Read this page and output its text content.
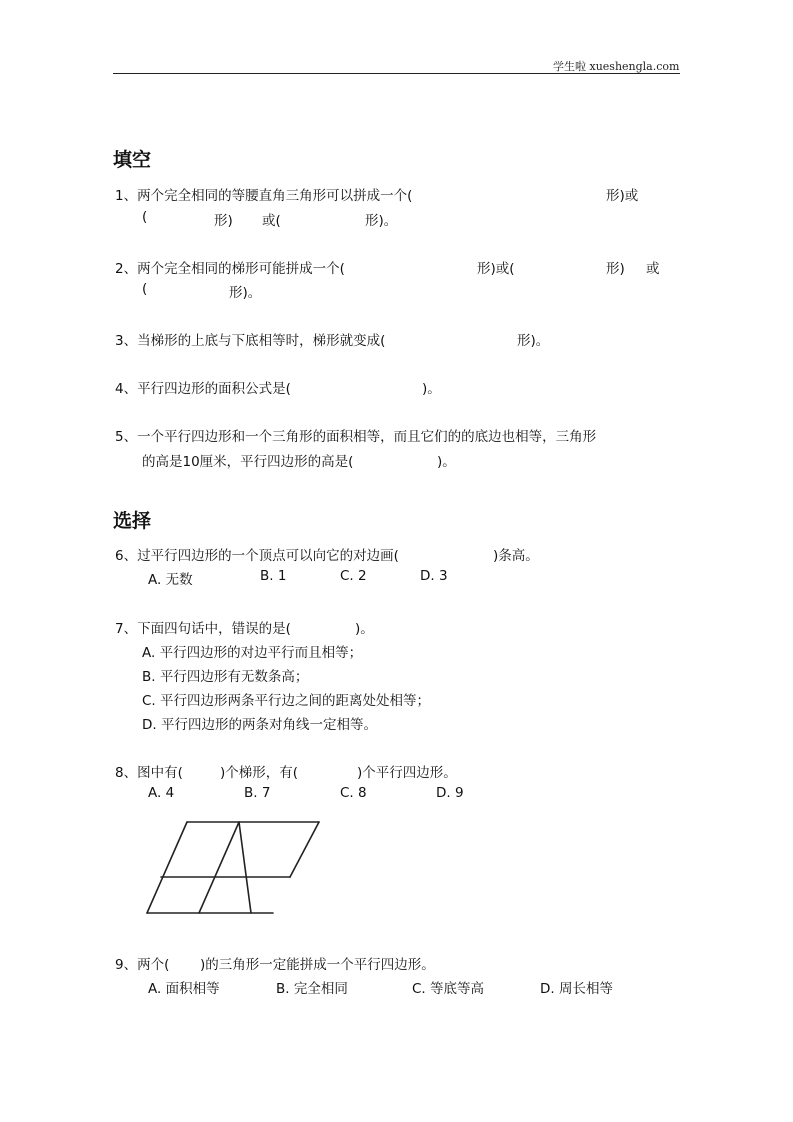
学生啦 xueshengla.com
填空
1、两个完全相同的等腰直角三角形可以拼成一个(	形)或
(	形) 或(	形)。
2、两个完全相同的梯形可能拼成一个(	形)或(	形) 或
(	形)。
3、当梯形的上底与下底相等时，梯形就变成(	形)。
4、平行四边形的面积公式是(	)。
5、一个平行四边形和一个三角形的面积相等，而且它们的的底边也相等，三角形
的高是10厘米，平行四边形的高是(	)。
选择
6、过平行四边形的一个顶点可以向它的对边画(	)条高。
A. 无数	B. 1	C. 2	D. 3
7、下面四句话中，错误的是(	)。
A. 平行四边形的对边平行而且相等；
B. 平行四边形有无数条高；
C. 平行四边形两条平行边之间的距离处处相等；
D. 平行四边形的两条对角线一定相等。
8、图中有(	)个梯形，有(	)个平行四边形。
A. 4	B. 7	C. 8	D. 9
9、两个( )的三角形一定能拼成一个平行四边形。
A. 面积相等	B. 完全相同	C. 等底等高	D. 周长相等
